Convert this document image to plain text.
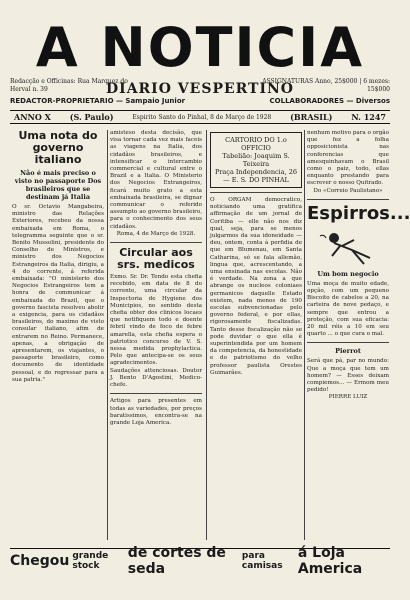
A NOTICIA
Redacção e Officinas: Rua Marquez do Herval n. 39	DIARIO VESPERTINO
ASSIGNATURAS Anno, 25$000 | 6 mezes: 15$000
REDACTOR-PROPRIETARIO — Sampaio Junior	COLLABORADORES — Diversos
ANNO X (S. Paulo)	Espirito Santo do Pinhal, 8 de Março de 1928 (BRASIL) N. 1247
Uma nota do governo italiano
Não é mais preciso o visto no passaporte Dos brasileiros que se destinam já Italia
O sr. Octavio Mangabeira, ministro das Relações Exteriores, recebeu da nossa embaixada em Roma, o telegramma seguinte que o sr. Benito Mussolini, presidente do Conselho de Ministros, e ministro dos Negocios Estrangeiros da Italia, dirigiu, a 4 do corrente, á referida embaixada: "O ministerio dos Negocios Estrangeiros tem a honra de communicar á embaixada do Brazil, que o governo fascista resolveu abolir a exigencia, para os cidadãos brasileiros, do maximo de visto consular italiano, afim de entrarem no Reino. Permanece, apenas, a obrigação de apresentarem, os viajantes, o passaporte brasileiro, como documento de identidade pessoal, e do regressar para a sua patria."
amisteso desta decisão, que visa tornar cada vez mais faceis as viagens na Italia, dos cidadãos brasileiros, e intensificar o intercambio commercial e cultural entre o Brazil e a Italia. O Ministerio dos Negocios Extrangeiros, ficará muito grato a esta embaixada brasileira, se dignar communicar o referido assumpto ao governo brasileiro, para o conhecimento dos seus cidadãos.
Roma, 4 de Março de 1928.
Circular aos srs. medicos
Exmo. Sr. Dr. Tendo esta chefia recebido, em data de 8 do corrente, uma circular da Inspectoria de Hygiene dos Municipios, no sentido desta chefia obter dos clinicos locaes que notifiquem todo e doente febril vindo de foco de febre amarella, esta chefia espera o patriotico concurso de V. S. nessa medida prophylactica. Pelo que antecipa-se os seus agradecimentos.
Saudações attenciosas. Doutor J. Bento D'Agostini, Medico-chefe.
Artigos para presentes em todas as variedades, por preços baratissimos, encontra-se na grande Loja America.
CARTORIO DO 1.o OFFICIO
Tabelião: Joaquim S. Teixeira
Praça Independencia, 26 — E. S. DO PINHAL
O ORGAM democratico, noticiando uma gratifica affirmação de um jornal de Coritiba — elle não nos diz qual, seja, para se menos julgarmos da sua idoneidade — deu, ontem, conta á perfidia de que em Blumenau, em Santa Catharina, só se fala allemão, lingua que, acrescentando, a uma ensinada nas escolas. Não é verdade. Na zona a que abrange os nucleos coloniaes germanicos daquelle Estado existem, nada menos de 190 escolas subvencionadas pelo governo federal, e por ellas, rigorosamente fiscalizadas. Tanto desse fiscalização não se pode duvidar o que ella é superintendida por um homem da competencia, da honestidade e do patriotismo do velho professor paulista Orestes Guimarães.
nenhum motivo para o orgão que fez a folha opposicionista nas conferencias que amesquinhavam o Brasil como o paiz, todo, ellas enquanto prestando para escrever o nosso Quitrado.
Do «Correio Paulistano»
Espirros...
Um bom negocio
Uma moça de muito edade, opção, com um pequeno Biscoito de cabelos a 20, na carteira de nove pedaço, e sempre que entrou a proteção, com sua eficacia: 20 mil réis a 10 em seu quarto ... o que cura o mal.
Pierrot
Será que pá, par no mundo: Que a moça que tem um homem? — Esses deixam compiemos... — Ermom meu pedido!
PIERRE LUIZ
Chegou grande stock
de cortes de seda
para camisas
á Loja America
